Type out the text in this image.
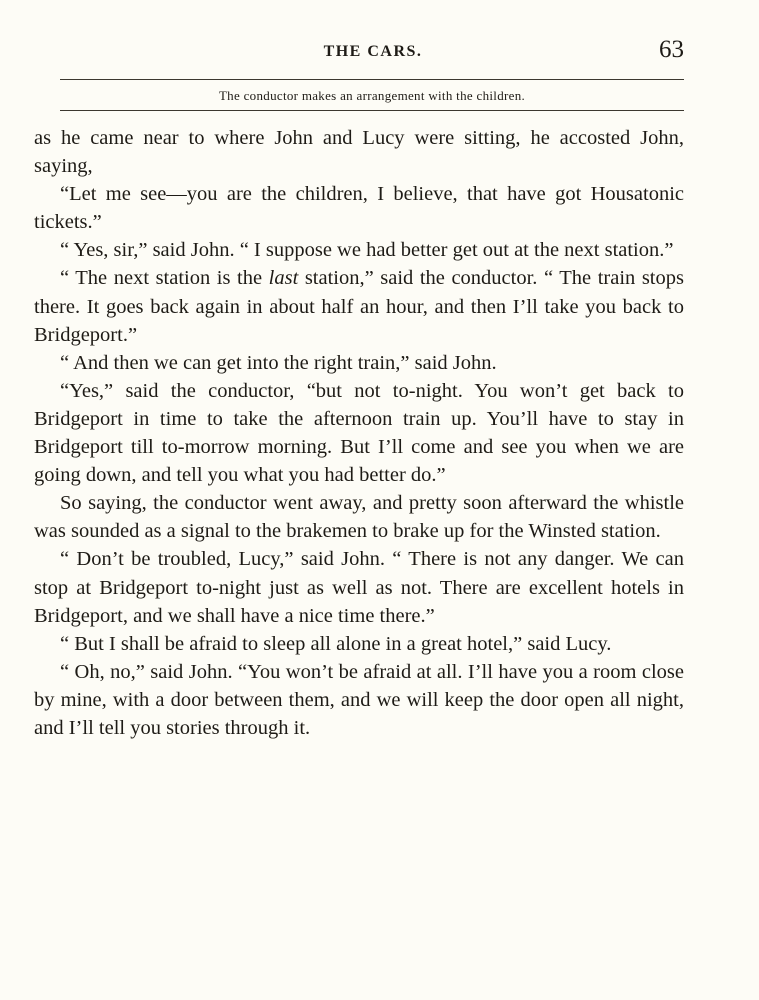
THE CARS.	63
The conductor makes an arrangement with the children.

as he came near to where John and Lucy were sitting, he accosted John, saying,

“Let me see—you are the children, I believe, that have got Housatonic tickets.”

“ Yes, sir,” said John. “ I suppose we had better get out at the next station.”

“ The next station is the last station,” said the conductor. “ The train stops there. It goes back again in about half an hour, and then I’ll take you back to Bridgeport.”

“ And then we can get into the right train,” said John.

“Yes,” said the conductor, “but not to-night. You won’t get back to Bridgeport in time to take the afternoon train up. You’ll have to stay in Bridgeport till to-morrow morning. But I’ll come and see you when we are going down, and tell you what you had better do.”

So saying, the conductor went away, and pretty soon afterward the whistle was sounded as a signal to the brakemen to brake up for the Winsted station.

“ Don’t be troubled, Lucy,” said John. “ There is not any danger. We can stop at Bridgeport to-night just as well as not. There are excellent hotels in Bridgeport, and we shall have a nice time there.”

“ But I shall be afraid to sleep all alone in a great hotel,” said Lucy.

“ Oh, no,” said John. “You won’t be afraid at all. I’ll have you a room close by mine, with a door between them, and we will keep the door open all night, and I’ll tell you stories through it.
